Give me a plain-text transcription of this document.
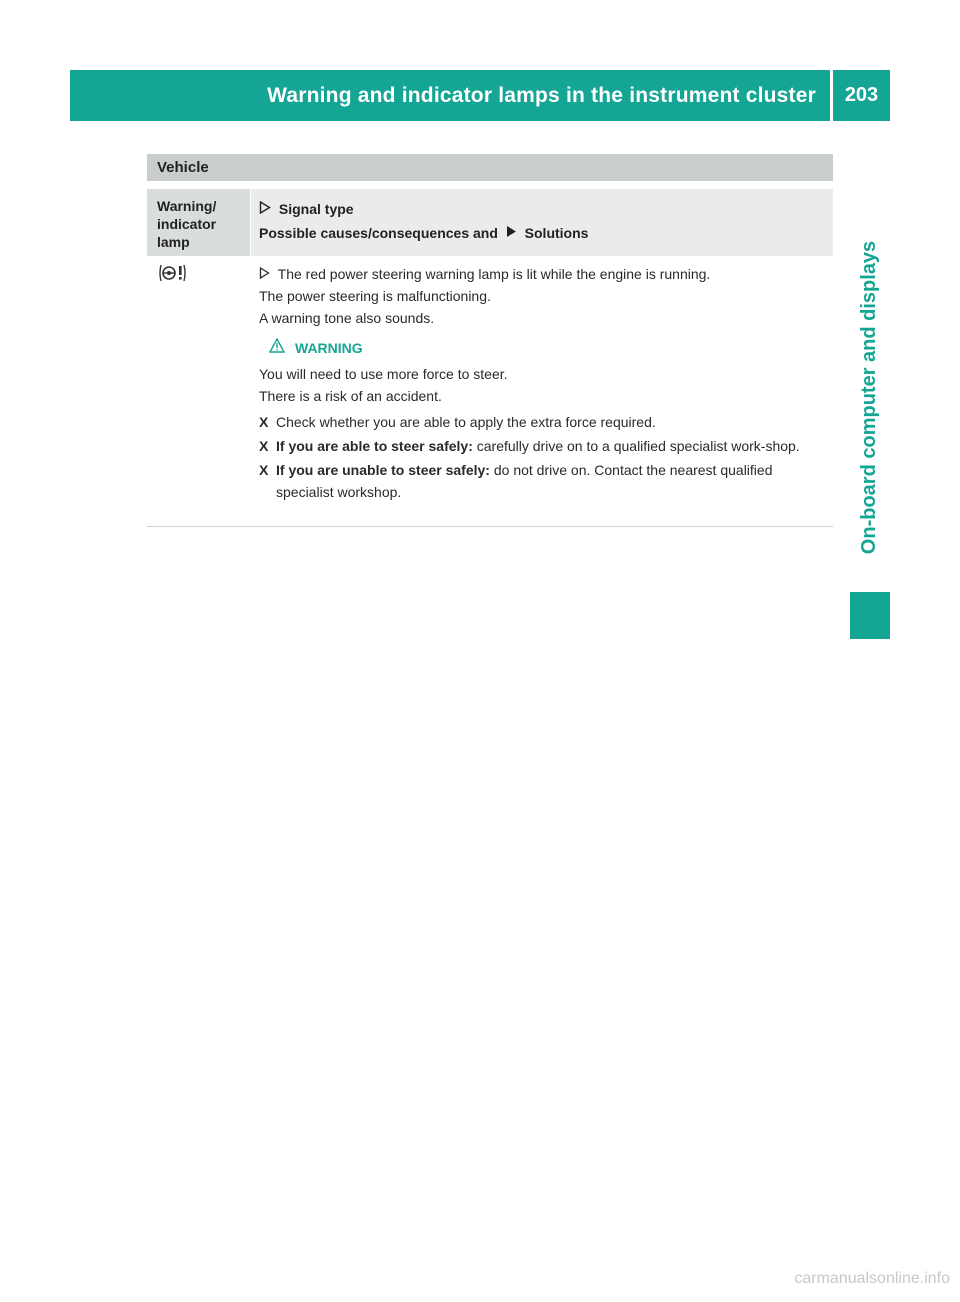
Warning and indicator lamps in the instrument cluster 203
On-board computer and displays
Vehicle
Warning/ indicator lamp
Signal type
Possible causes/consequences and Solutions

The red power steering warning lamp is lit while the engine is running.

The power steering is malfunctioning.

A warning tone also sounds.

WARNING

You will need to use more force to steer.

There is a risk of an accident.

X Check whether you are able to apply the extra force required.
X If you are able to steer safely: carefully drive on to a qualified specialist work-shop.
X If you are unable to steer safely: do not drive on. Contact the nearest qualified specialist workshop.
carmanualsonline.info
